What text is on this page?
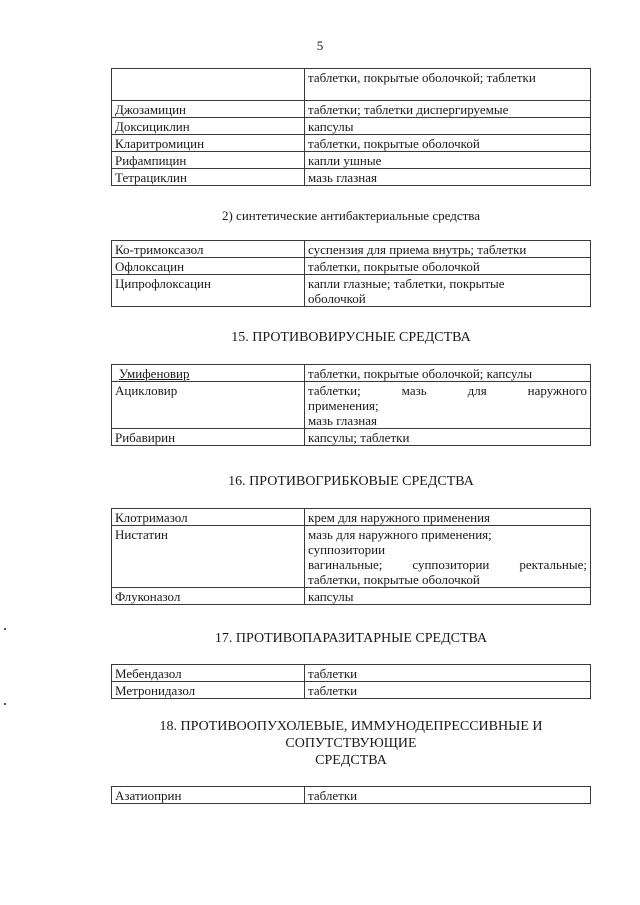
5

	таблетки, покрытые оболочкой; таблетки

Джозамицин	таблетки; таблетки диспергируемые

Доксициклин	капсулы

Кларитромицин	таблетки, покрытые оболочкой

Рифампицин	капли ушные

Тетрациклин	мазь глазная
2) синтетические антибактериальные средства
Ко-тримоксазол	суспензия для приема внутрь; таблетки

Офлоксацин	таблетки, покрытые оболочкой

Ципрофлоксацин	капли глазные; таблетки, покрытые
оболочкой
15. ПРОТИВОВИРУСНЫЕ СРЕДСТВА
Умифеновир	таблетки, покрытые оболочкой; капсулы

Ацикловир	таблетки; мазь для наружного
применения;
мазь глазная

Рибавирин	капсулы; таблетки
16. ПРОТИВОГРИБКОВЫЕ СРЕДСТВА
Клотримазол	крем для наружного применения

Нистатин	мазь для наружного применения;
суппозитории
вагинальные; суппозитории ректальные;
таблетки, покрытые оболочкой

Флуконазол	капсулы
17. ПРОТИВОПАРАЗИТАРНЫЕ СРЕДСТВА
Мебендазол	таблетки

Метронидазол	таблетки
18. ПРОТИВООПУХОЛЕВЫЕ, ИММУНОДЕПРЕССИВНЫЕ И
СОПУТСТВУЮЩИЕ
СРЕДСТВА
Азатиоприн	таблетки
